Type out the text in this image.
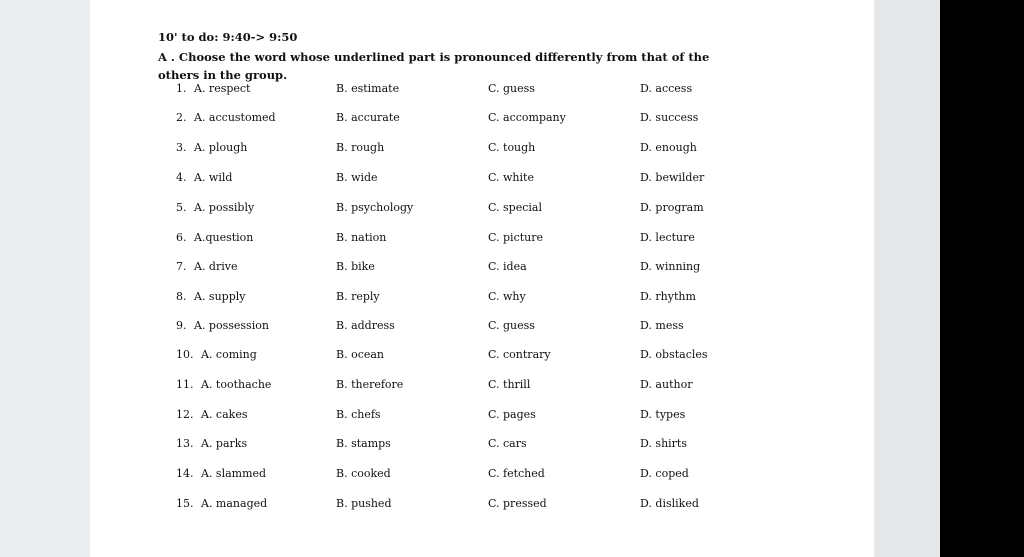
10' to do: 9:40-> 9:50
A . Choose the word whose underlined part is pronounced differently from that of the others in the group.
1. A. respect	B. estimate	C. guess	D. access
2. A. accustomed	B. accurate	C. accompany	D. success
3. A. plough	B. rough	C. tough	D. enough
4. A. wild	B. wide	C. white	D. bewilder
5. A. possibly	B. psychology	C. special	D. program
6. A.question	B. nation	C. picture	D. lecture
7. A. drive	B. bike	C. idea	D. winning
8. A. supply	B. reply	C. why	D. rhythm
9. A. possession	B. address	C. guess	D. mess
10. A. coming	B. ocean	C. contrary	D. obstacles
11. A. toothache	B. therefore	C. thrill	D. author
12. A. cakes	B. chefs	C. pages	D. types
13. A. parks	B. stamps	C. cars	D. shirts
14. A. slammed	B. cooked	C. fetched	D. coped
15. A. managed	B. pushed	C. pressed	D. disliked
